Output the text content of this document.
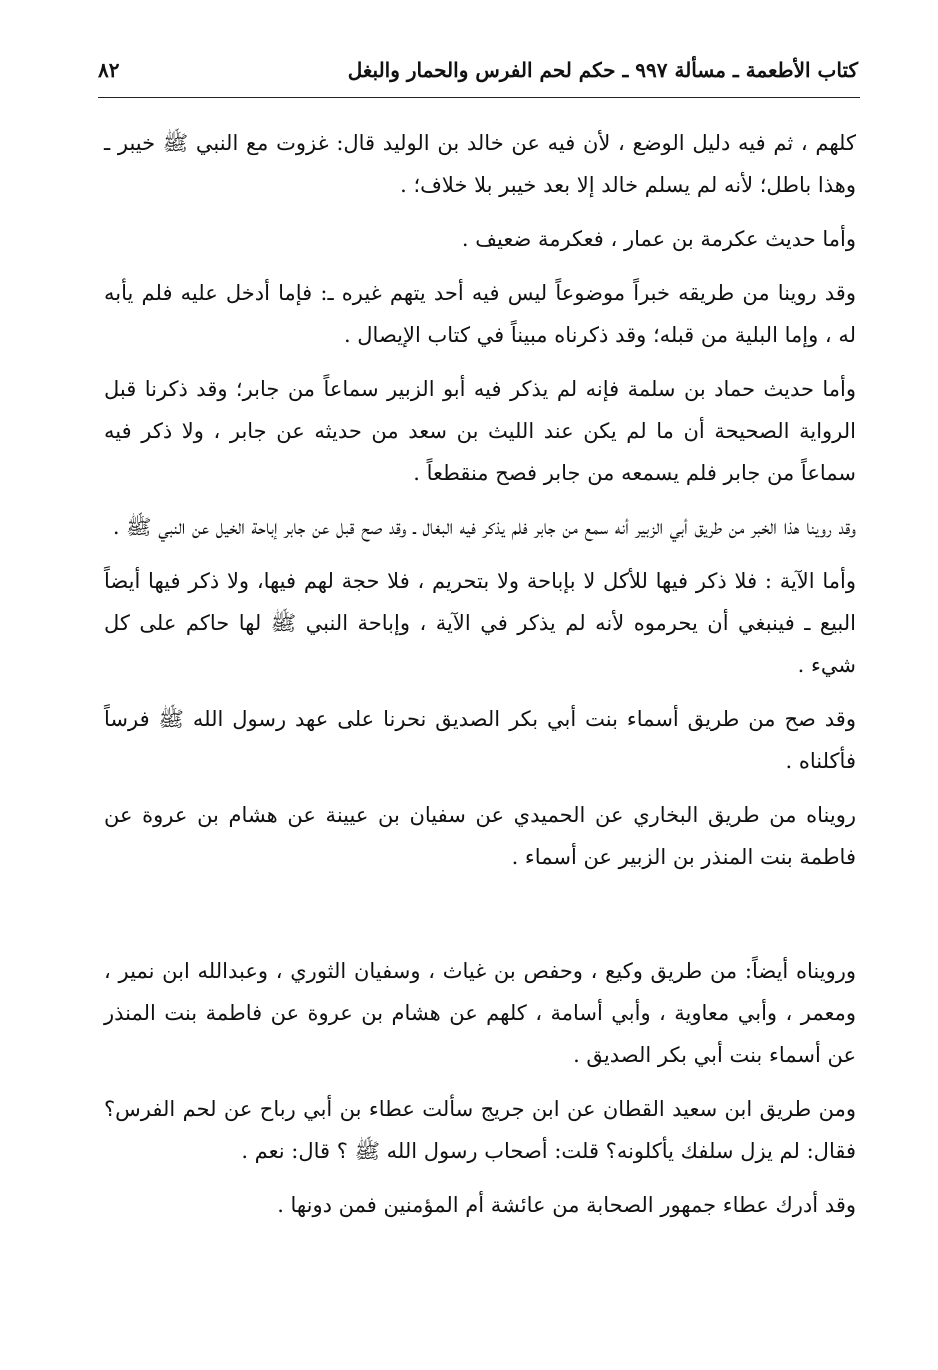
كتاب الأطعمة ـ مسألة ٩٩٧ ـ حكم لحم الفرس والحمار والبغل
٨٢

كلهم ، ثم فيه دليل الوضع ، لأن فيه عن خالد بن الوليد قال: غزوت مع النبي ﷺ خيبر ـ وهذا باطل؛ لأنه لم يسلم خالد إلا بعد خيبر بلا خلاف؛ .

وأما حديث عكرمة بن عمار ، فعكرمة ضعيف .

وقد روينا من طريقه خبراً موضوعاً ليس فيه أحد يتهم غيره ـ: فإما أدخل عليه فلم يأبه له ، وإما البلية من قبله؛ وقد ذكرناه مبيناً في كتاب الإيصال .

وأما حديث حماد بن سلمة فإنه لم يذكر فيه أبو الزبير سماعاً من جابر؛ وقد ذكرنا قبل الرواية الصحيحة أن ما لم يكن عند الليث بن سعد من حديثه عن جابر ، ولا ذكر فيه سماعاً من جابر فلم يسمعه من جابر فصح منقطعاً .

وقد روينا هذا الخبر من طريق أبي الزبير أنه سمع من جابر فلم يذكر فيه البغال ـ وقد صح قبل عن جابر إباحة الخيل عن النبي ﷺ .

وأما الآية : فلا ذكر فيها للأكل لا بإباحة ولا بتحريم ، فلا حجة لهم فيها، ولا ذكر فيها أيضاً البيع ـ فينبغي أن يحرموه لأنه لم يذكر في الآية ، وإباحة النبي ﷺ لها حاكم على كل شيء .

وقد صح من طريق أسماء بنت أبي بكر الصديق نحرنا على عهد رسول الله ﷺ فرساً فأكلناه .

رويناه من طريق البخاري عن الحميدي عن سفيان بن عيينة عن هشام بن عروة عن فاطمة بنت المنذر بن الزبير عن أسماء .

ورويناه أيضاً: من طريق وكيع ، وحفص بن غياث ، وسفيان الثوري ، وعبدالله ابن نمير ، ومعمر ، وأبي معاوية ، وأبي أسامة ، كلهم عن هشام بن عروة عن فاطمة بنت المنذر عن أسماء بنت أبي بكر الصديق .

ومن طريق ابن سعيد القطان عن ابن جريج سألت عطاء بن أبي رباح عن لحم الفرس؟ فقال: لم يزل سلفك يأكلونه؟ قلت: أصحاب رسول الله ﷺ ؟ قال: نعم .

وقد أدرك عطاء جمهور الصحابة من عائشة أم المؤمنين فمن دونها .
